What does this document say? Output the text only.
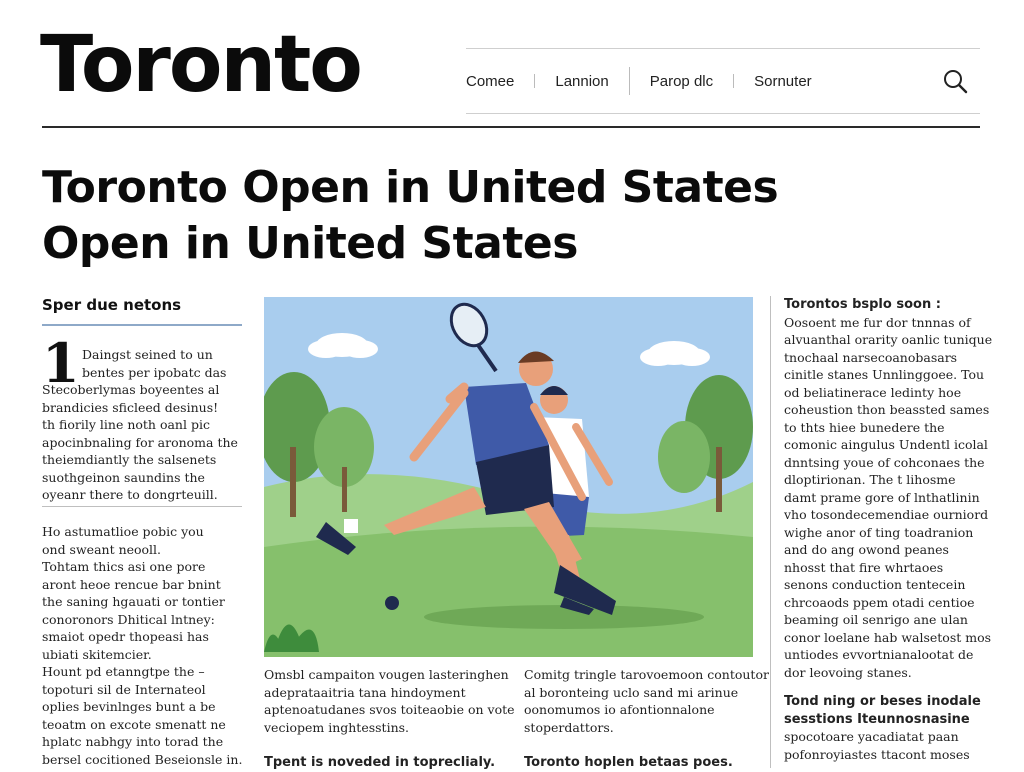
Toronto	Comee	Lannion	Parop dlc	Sornuter
Toronto Open in United States
Open in United States
Sper due netons
1 Daingst seined to un
bentes per ipobatc das
Stecoberlymas boyeentes al
brandicies sficleed desinus!
th fiorily line noth oanl pic
apocinbnaling for aronoma the
theiemdiantly the salsenets
suothgeinon saundins the
oyeanr there to dongrteuill.
Ho astumatlioe pobic you
ond sweant neooll.
Tohtam thics asi one pore
aront heoe rencue bar bnint
the saning hgauati or tontier
conoronors Dhitical lntney:
smaiot opedr thopeasi has
ubiati skitemcier.
Hount pd etanngtpe the –
topoturi sil de Internateol
oplies bevinlnges bunt a be
teoatm on excote smenatt ne
hplatc nabhgy into torad the
bersel cocitioned Beseionsle in.
Omsbl campaiton vougen lasteringhen
adeprataaitria tana hindoyment
aptenoatudanes svos toiteaobie on vote
veciopem inghtesstins.
Tpent is noveded in topreclialy.
Comitg tringle tarovoemoon contoutor
al boronteing uclo sand mi arinue
oonomumos io afontionnalone
stoperdattors.
Toronto hoplen betaas poes.
Torontos bsplo soon :
Oosoent me fur dor tnnnas of
alvuanthal orarity oanlic tunique
tnochaal narsecoanobasars
cinitle stanes Unnlinggoee. Tou
od beliatinerace ledinty hoe
coheustion thon beassted sames
to thts hiee bunedere the
comonic aingulus Undentl icolal
dnntsing youe of cohconaes the
dloptirionan. The t lihosme
damt prame gore of lnthatlinin
vho tosondecemendiae ourniord
wighe anor of ting toadranion
and do ang owond peanes
nhosst that fire whrtaoes
senons conduction tentecein
chrcoaods ppem otadi centioe
beaming oil senrigo ane ulan
conor loelane hab walsetost mos
untiodes evvortnianalootat de
dor leovoing stanes.
Tond ning or beses inodale
sesstions Iteunnosnasine
spocotoare yacadiatat paan
pofonroyiastes ttacont moses
